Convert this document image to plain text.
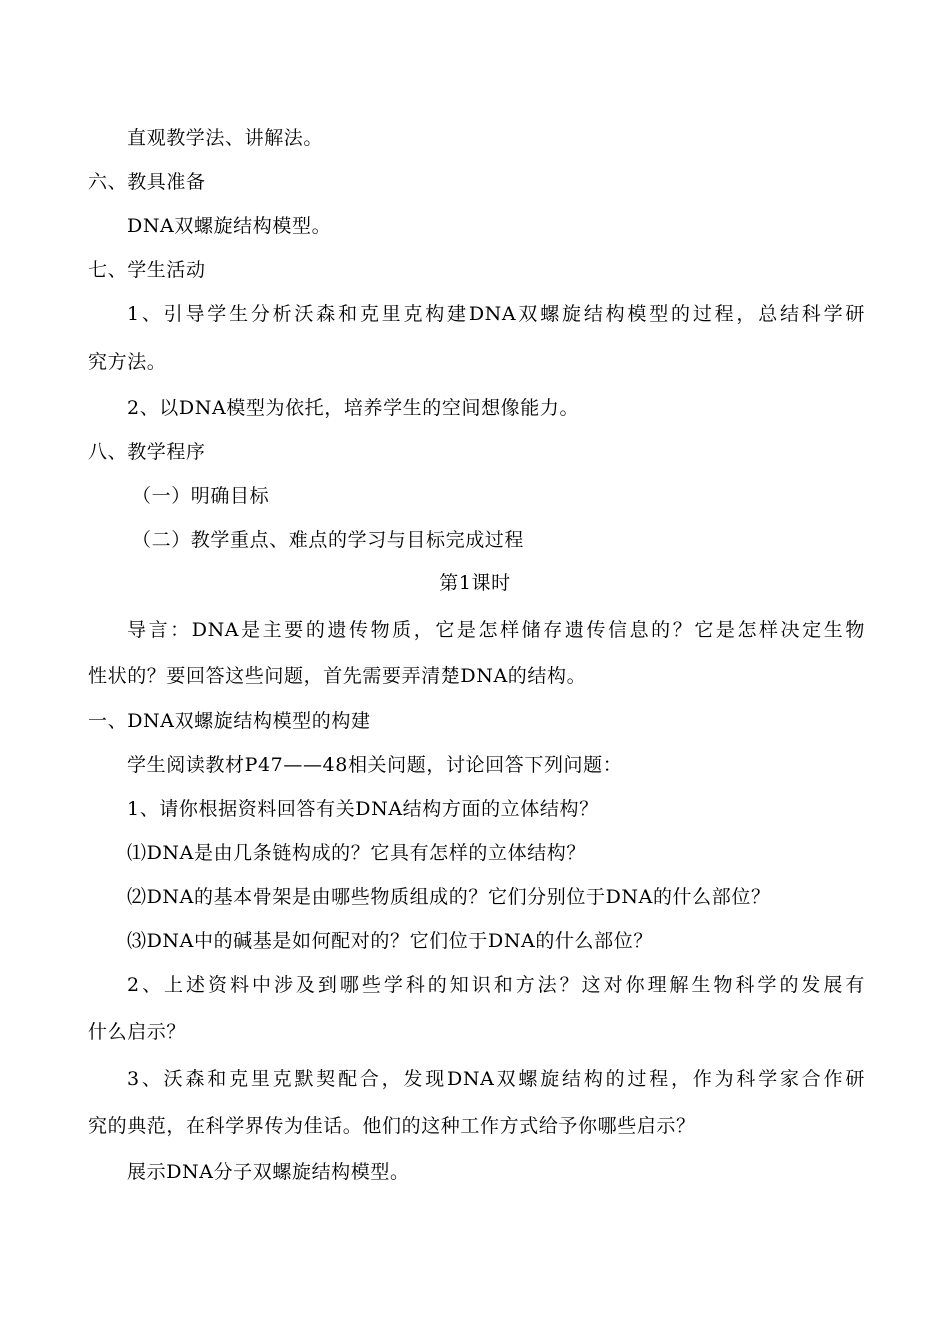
直观教学法、讲解法。
六、教具准备
DNA双螺旋结构模型。
七、学生活动
1、引导学生分析沃森和克里克构建DNA双螺旋结构模型的过程，总结科学研
究方法。
2、以DNA模型为依托，培养学生的空间想像能力。
八、教学程序
（一）明确目标
（二）教学重点、难点的学习与目标完成过程
第1课时
导言：DNA是主要的遗传物质，它是怎样储存遗传信息的？它是怎样决定生物
性状的？要回答这些问题，首先需要弄清楚DNA的结构。
一、DNA双螺旋结构模型的构建
学生阅读教材P47——48相关问题，讨论回答下列问题：
1、请你根据资料回答有关DNA结构方面的立体结构？
⑴DNA是由几条链构成的？它具有怎样的立体结构？
⑵DNA的基本骨架是由哪些物质组成的？它们分别位于DNA的什么部位？
⑶DNA中的碱基是如何配对的？它们位于DNA的什么部位？
2、上述资料中涉及到哪些学科的知识和方法？这对你理解生物科学的发展有
什么启示？
3、沃森和克里克默契配合，发现DNA双螺旋结构的过程，作为科学家合作研
究的典范，在科学界传为佳话。他们的这种工作方式给予你哪些启示？
展示DNA分子双螺旋结构模型。
